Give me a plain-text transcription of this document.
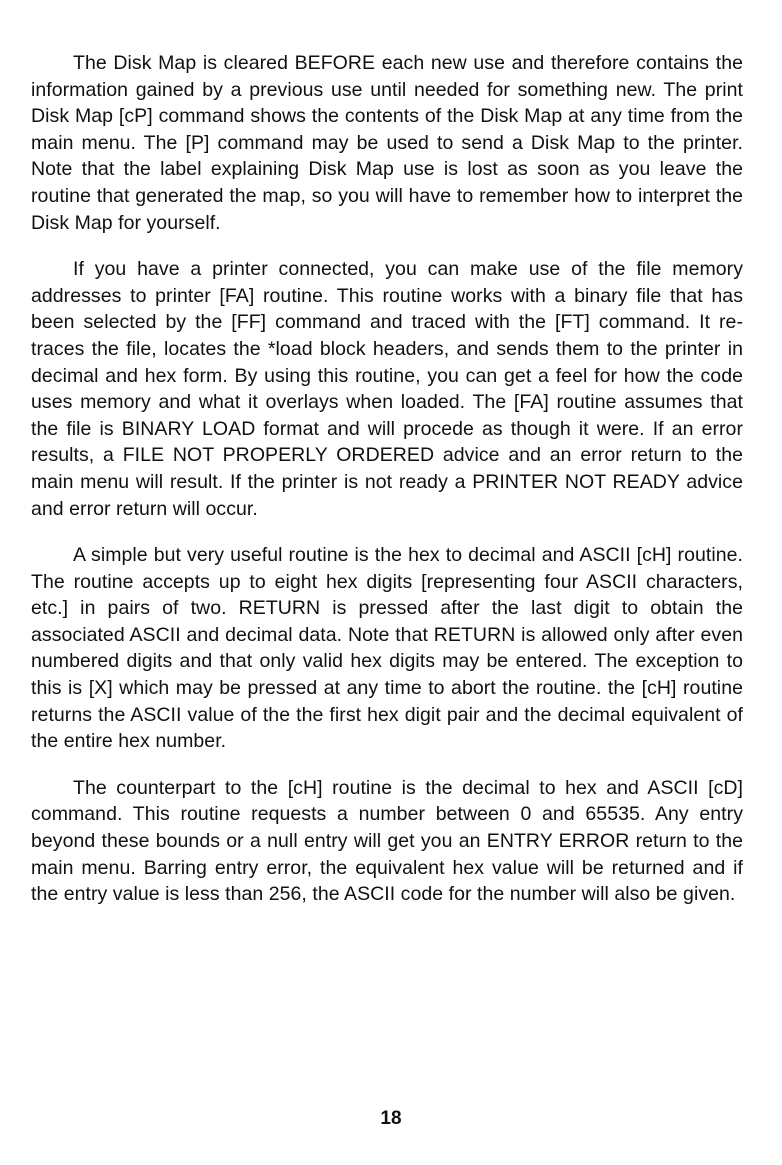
The Disk Map is cleared BEFORE each new use and therefore contains the information gained by a previous use until needed for something new. The print Disk Map [cP] command shows the contents of the Disk Map at any time from the main menu. The [P] command may be used to send a Disk Map to the printer. Note that the label explaining Disk Map use is lost as soon as you leave the routine that generated the map, so you will have to remember how to interpret the Disk Map for yourself.

If you have a printer connected, you can make use of the file memory addresses to printer [FA] routine. This routine works with a binary file that has been selected by the [FF] command and traced with the [FT] command. It re-traces the file, locates the *load block headers, and sends them to the printer in decimal and hex form. By using this routine, you can get a feel for how the code uses memory and what it overlays when loaded. The [FA] routine assumes that the file is BINARY LOAD format and will procede as though it were. If an error results, a FILE NOT PROPERLY ORDERED advice and an error return to the main menu will result. If the printer is not ready a PRINTER NOT READY advice and error return will occur.

A simple but very useful routine is the hex to decimal and ASCII [cH] routine. The routine accepts up to eight hex digits [representing four ASCII characters, etc.] in pairs of two. RETURN is pressed after the last digit to obtain the associated ASCII and decimal data. Note that RETURN is allowed only after even numbered digits and that only valid hex digits may be entered. The exception to this is [X] which may be pressed at any time to abort the routine. the [cH] routine returns the ASCII value of the the first hex digit pair and the decimal equivalent of the entire hex number.

The counterpart to the [cH] routine is the decimal to hex and ASCII [cD] command. This routine requests a number between 0 and 65535. Any entry beyond these bounds or a null entry will get you an ENTRY ERROR return to the main menu. Barring entry error, the equivalent hex value will be returned and if the entry value is less than 256, the ASCII code for the number will also be given.

18
